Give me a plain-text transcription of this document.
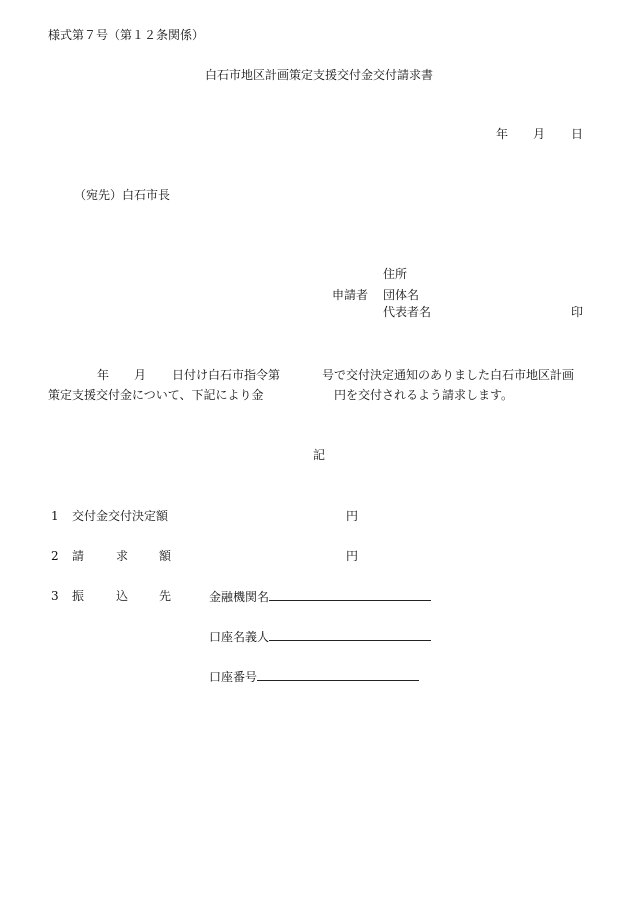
様式第７号（第１２条関係）
白石市地区計画策定支援交付金交付請求書
年 月 日
（宛先）白石市長
住所
申請者 団体名
代表者名	印
年 月 日付け白石市指令第	号で交付決定通知のありました白石市地区計画
策定支援交付金について、下記により金	円を交付されるよう請求します。
記
1 交付金交付決定額	円
2 請	求	額	円
3 振	込	先	金融機関名
口座名義人
口座番号
